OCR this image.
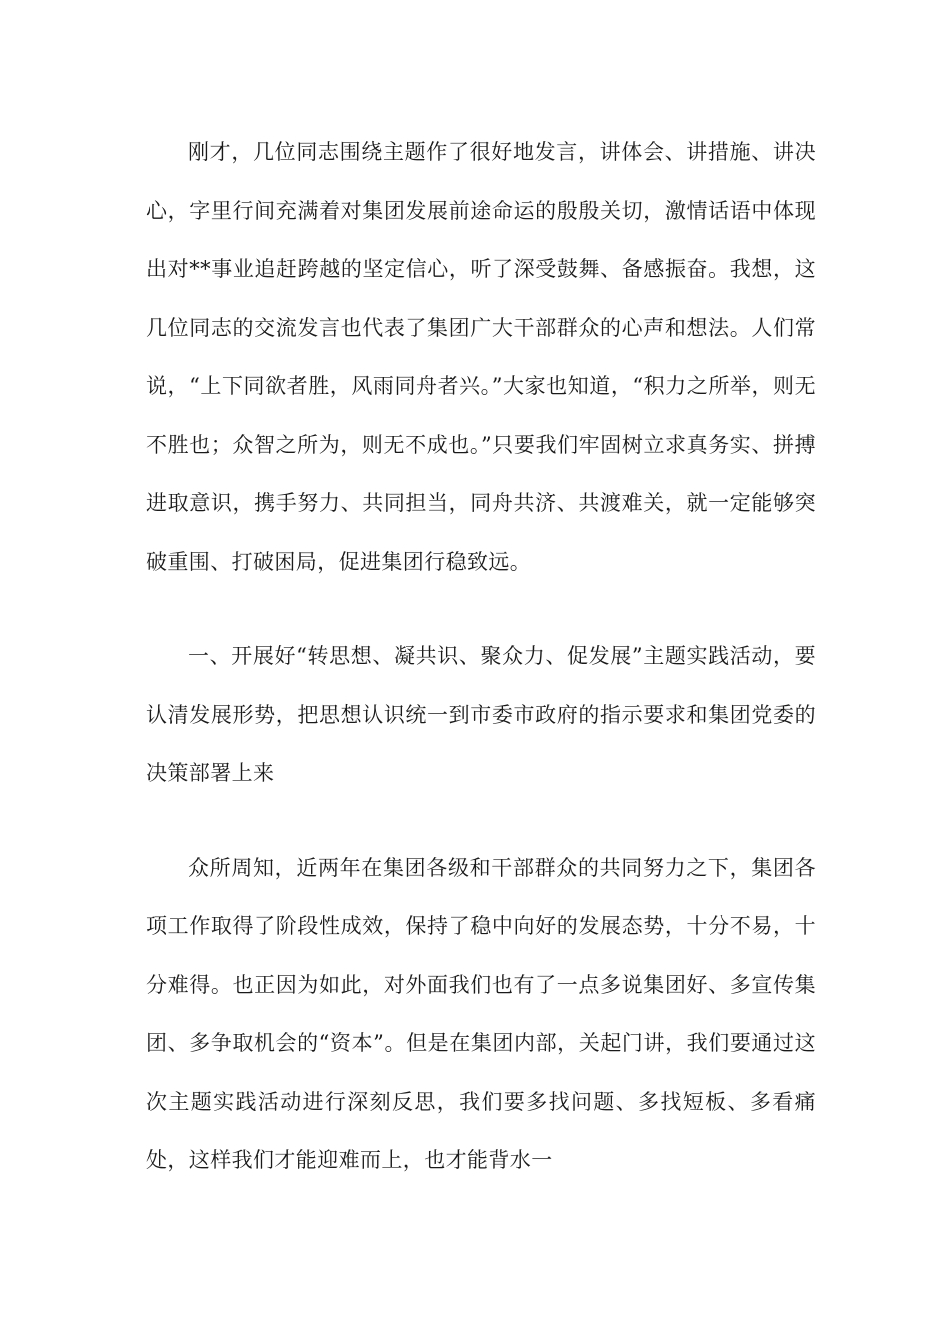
刚才，几位同志围绕主题作了很好地发言，讲体会、讲措施、讲决心，字里行间充满着对集团发展前途命运的殷殷关切，激情话语中体现出对**事业追赶跨越的坚定信心，听了深受鼓舞、备感振奋。我想，这几位同志的交流发言也代表了集团广大干部群众的心声和想法。人们常说，“上下同欲者胜，风雨同舟者兴。”大家也知道，“积力之所举，则无不胜也；众智之所为，则无不成也。”只要我们牢固树立求真务实、拼搏进取意识，携手努力、共同担当，同舟共济、共渡难关，就一定能够突破重围、打破困局，促进集团行稳致远。

一、开展好“转思想、凝共识、聚众力、促发展”主题实践活动，要认清发展形势，把思想认识统一到市委市政府的指示要求和集团党委的决策部署上来

众所周知，近两年在集团各级和干部群众的共同努力之下，集团各项工作取得了阶段性成效，保持了稳中向好的发展态势，十分不易，十分难得。也正因为如此，对外面我们也有了一点多说集团好、多宣传集团、多争取机会的“资本”。但是在集团内部，关起门讲，我们要通过这次主题实践活动进行深刻反思，我们要多找问题、多找短板、多看痛处，这样我们才能迎难而上，也才能背水一
